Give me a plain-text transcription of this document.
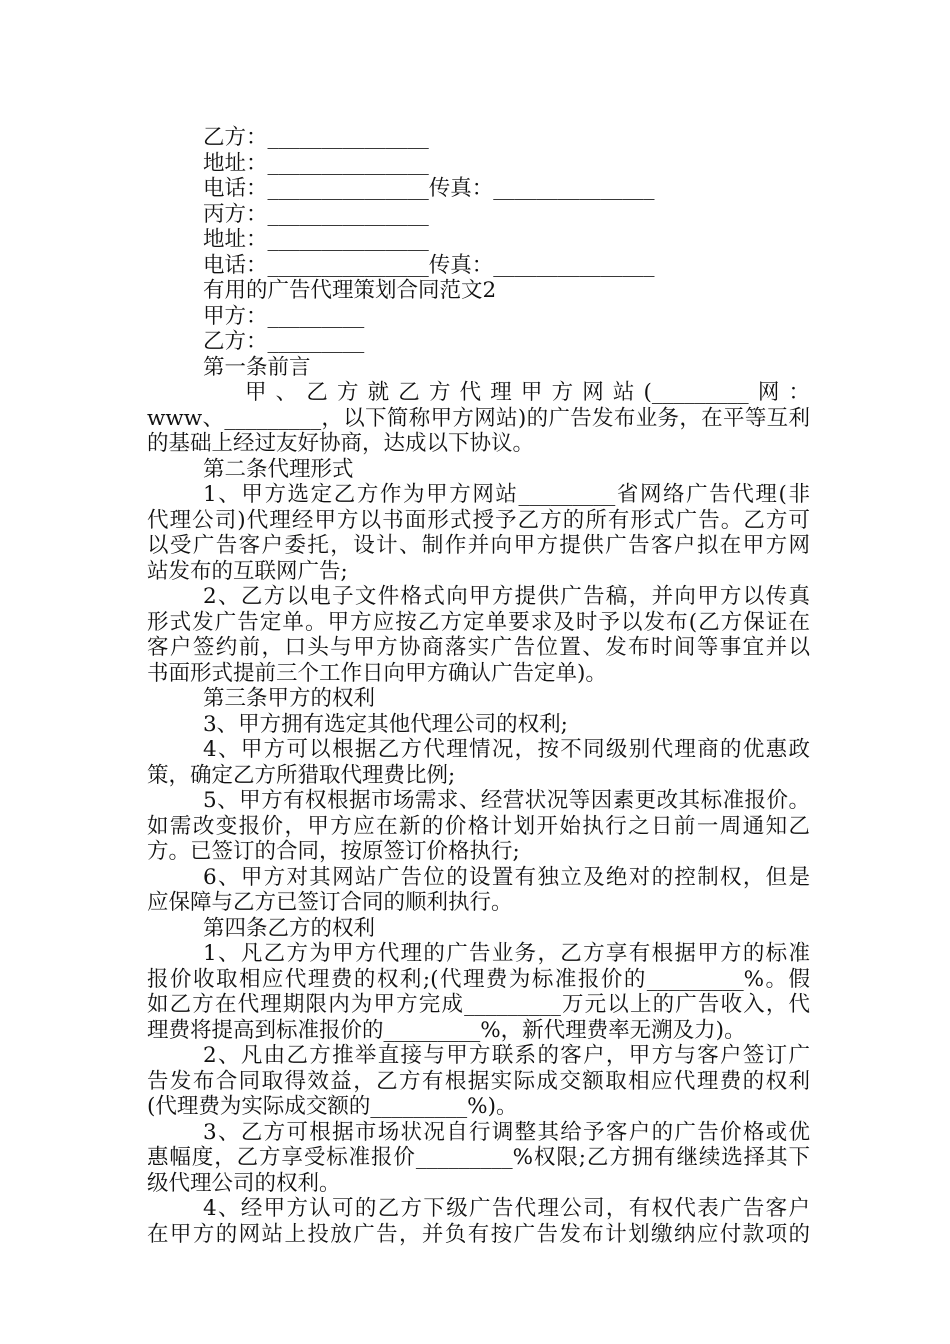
乙方：_______________
地址：_______________
电话：_______________传真：_______________
丙方：_______________
地址：_______________
电话：_______________传真：_______________
有用的广告代理策划合同范文2
甲方：_________
乙方：_________
第一条前言
甲、乙方就乙方代理甲方网站(_________网：
www、_________，以下简称甲方网站)的广告发布业务，在平等互利
的基础上经过友好协商，达成以下协议。
第二条代理形式
1、甲方选定乙方作为甲方网站_________省网络广告代理(非
代理公司)代理经甲方以书面形式授予乙方的所有形式广告。乙方可
以受广告客户委托，设计、制作并向甲方提供广告客户拟在甲方网
站发布的互联网广告;
2、乙方以电子文件格式向甲方提供广告稿，并向甲方以传真
形式发广告定单。甲方应按乙方定单要求及时予以发布(乙方保证在
客户签约前，口头与甲方协商落实广告位置、发布时间等事宜并以
书面形式提前三个工作日向甲方确认广告定单)。
第三条甲方的权利
3、甲方拥有选定其他代理公司的权利;
4、甲方可以根据乙方代理情况，按不同级别代理商的优惠政
策，确定乙方所猎取代理费比例;
5、甲方有权根据市场需求、经营状况等因素更改其标准报价。
如需改变报价，甲方应在新的价格计划开始执行之日前一周通知乙
方。已签订的合同，按原签订价格执行;
6、甲方对其网站广告位的设置有独立及绝对的控制权，但是
应保障与乙方已签订合同的顺利执行。
第四条乙方的权利
1、凡乙方为甲方代理的广告业务，乙方享有根据甲方的标准
报价收取相应代理费的权利;(代理费为标准报价的_________%。假
如乙方在代理期限内为甲方完成_________万元以上的广告收入，代
理费将提高到标准报价的_________%，新代理费率无溯及力)。
2、凡由乙方推举直接与甲方联系的客户，甲方与客户签订广
告发布合同取得效益，乙方有根据实际成交额取相应代理费的权利
(代理费为实际成交额的_________%)。
3、乙方可根据市场状况自行调整其给予客户的广告价格或优
惠幅度，乙方享受标准报价_________%权限;乙方拥有继续选择其下
级代理公司的权利。
4、经甲方认可的乙方下级广告代理公司，有权代表广告客户
在甲方的网站上投放广告，并负有按广告发布计划缴纳应付款项的
